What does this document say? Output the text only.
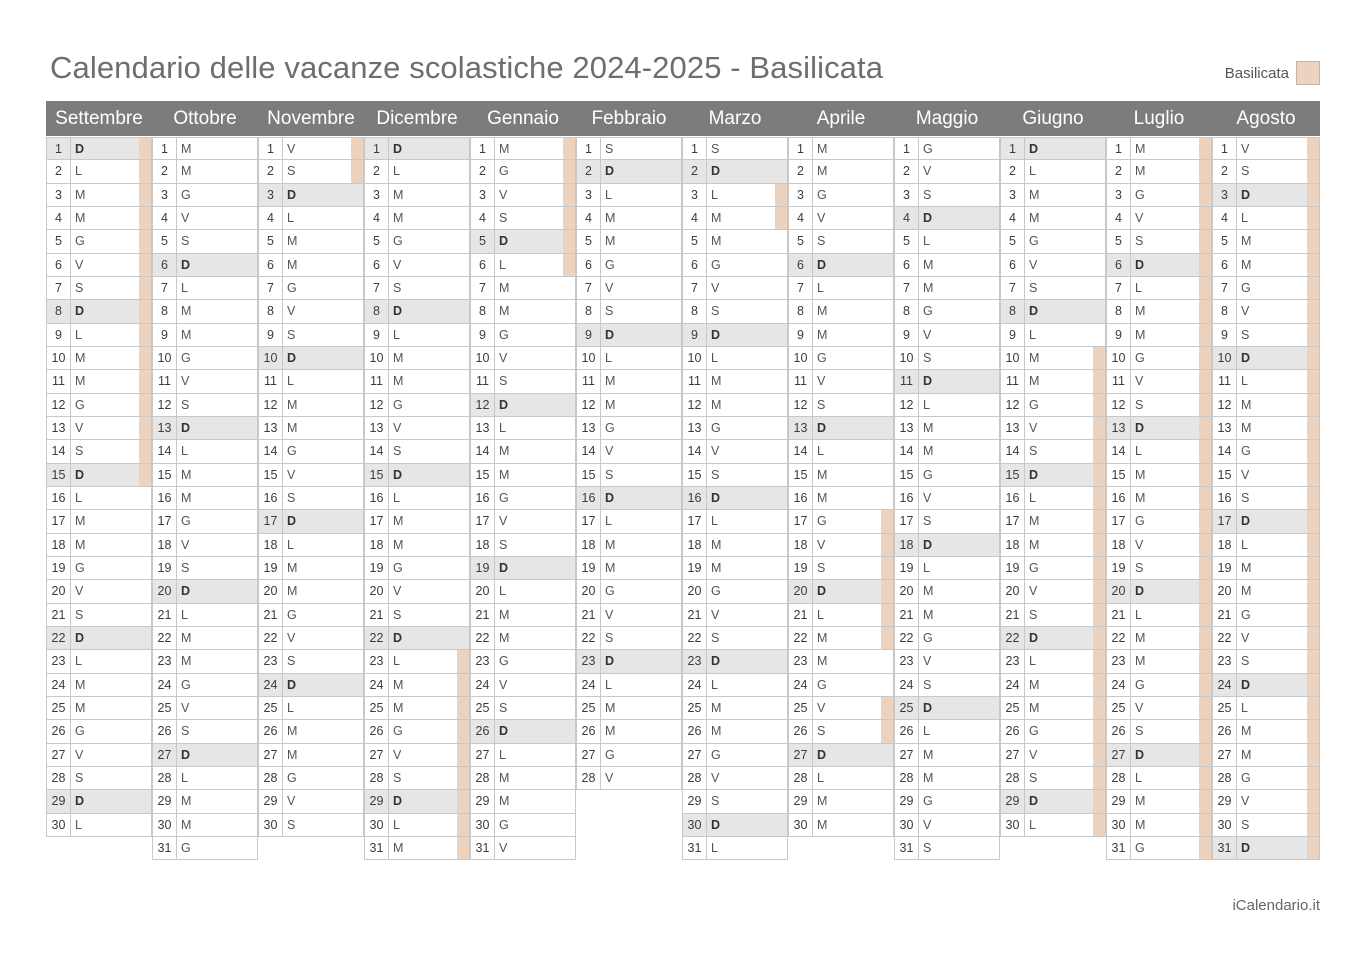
Calendario delle vacanze scolastiche 2024-2025 - Basilicata	Basilicata
Settembre
1	D
2	L
3	M
4	M
5	G
6	V
7	S
8	D
9	L
10 M
11 M
12 G
13 V
14 S
15 D
16 L
17 M
18 M
19 G
20 V
21 S
22 D
23 L
24 M
25 M
26 G
27 V
28 S
29 D
30 L
Ottobre
1	M
2	M
3	G
4	V
5	S
6	D
7	L
8	M
9	M
10 G
11 V
12 S
13 D
14 L
15 M
16 M
17 G
18 V
19 S
20 D
21 L
22 M
23 M
24 G
25 V
26 S
27 D
28 L
29 M
30 M
31 G
Novembre
1	V
2	S
3	D
4	L
5	M
6	M
7	G
8	V
9	S
10 D
11 L
12 M
13 M
14 G
15 V
16 S
17 D
18 L
19 M
20 M
21 G
22 V
23 S
24 D
25 L
26 M
27 M
28 G
29 V
30 S
Dicembre
1	D
2	L
3	M
4	M
5	G
6	V
7	S
8	D
9	L
10 M
11 M
12 G
13 V
14 S
15 D
16 L
17 M
18 M
19 G
20 V
21 S
22 D
23 L
24 M
25 M
26 G
27 V
28 S
29 D
30 L
31 M
Gennaio
1	M
2	G
3	V
4	S
5	D
6	L
7	M
8	M
9	G
10 V
11 S
12 D
13 L
14 M
15 M
16 G
17 V
18 S
19 D
20 L
21 M
22 M
23 G
24 V
25 S
26 D
27 L
28 M
29 M
30 G
31 V
Febbraio
1	S
2	D
3	L
4	M
5	M
6	G
7	V
8	S
9	D
10 L
11 M
12 M
13 G
14 V
15 S
16 D
17 L
18 M
19 M
20 G
21 V
22 S
23 D
24 L
25 M
26 M
27 G
28 V
Marzo
1	S
2	D
3	L
4	M
5	M
6	G
7	V
8	S
9	D
10 L
11 M
12 M
13 G
14 V
15 S
16 D
17 L
18 M
19 M
20 G
21 V
22 S
23 D
24 L
25 M
26 M
27 G
28 V
29 S
30 D
31 L
Aprile
1	M
2	M
3	G
4	V
5	S
6	D
7	L
8	M
9	M
10 G
11 V
12 S
13 D
14 L
15 M
16 M
17 G
18 V
19 S
20 D
21 L
22 M
23 M
24 G
25 V
26 S
27 D
28 L
29 M
30 M
Maggio
1	G
2	V
3	S
4	D
5	L
6	M
7	M
8	G
9	V
10 S
11 D
12 L
13 M
14 M
15 G
16 V
17 S
18 D
19 L
20 M
21 M
22 G
23 V
24 S
25 D
26 L
27 M
28 M
29 G
30 V
31 S
Giugno
1	D
2	L
3	M
4	M
5	G
6	V
7	S
8	D
9	L
10 M
11 M
12 G
13 V
14 S
15 D
16 L
17 M
18 M
19 G
20 V
21 S
22 D
23 L
24 M
25 M
26 G
27 V
28 S
29 D
30 L
Luglio
1	M
2	M
3	G
4	V
5	S
6	D
7	L
8	M
9	M
10 G
11 V
12 S
13 D
14 L
15 M
16 M
17 G
18 V
19 S
20 D
21 L
22 M
23 M
24 G
25 V
26 S
27 D
28 L
29 M
30 M
31 G
Agosto
1	V
2	S
3	D
4	L
5	M
6	M
7	G
8	V
9	S
10 D
11 L
12 M
13 M
14 G
15 V
16 S
17 D
18 L
19 M
20 M
21 G
22 V
23 S
24 D
25 L
26 M
27 M
28 G
29 V
30 S
31 D
iCalendario.it
